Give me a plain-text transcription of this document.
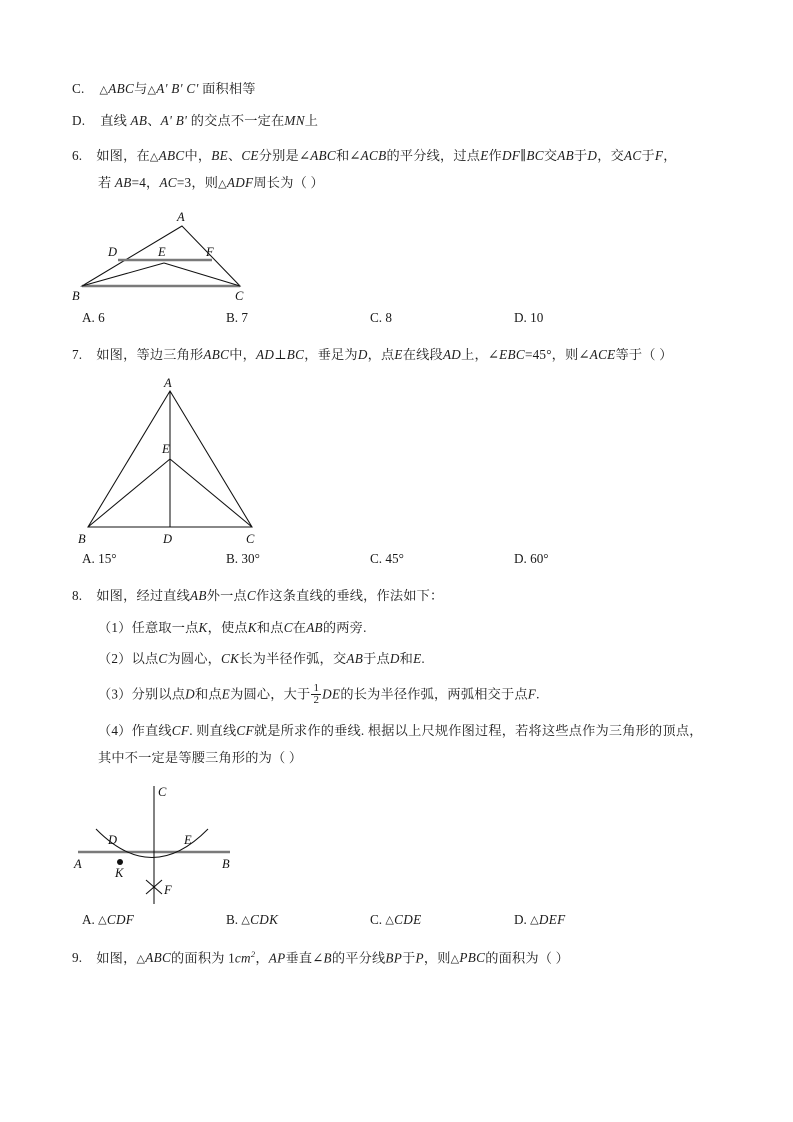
C. △ ABC与 △ A' B' C' 面积相等
D. 直线 AB、A' B' 的交点不一定在MN上
6. 如图，在 △ ABC中，BE、CE分别是∠ABC和∠ACB的平分线，过点E作DF∥BC交AB于D，交AC于F，
若 AB=4，AC=3，则 △ ADF周长为（ ）
A
D	E	F
B	C
A. 6	B. 7	C. 8	D. 10
7. 如图，等边三角形ABC中，AD⊥BC，垂足为D，点E在线段AD上，∠EBC=45°，则∠ACE等于（ ）
A
E
B	D	C
A. 15°	B. 30°	C. 45°	D. 60°
8. 如图，经过直线AB外一点C作这条直线的垂线，作法如下：
（1）任意取一点K，使点K和点C在AB的两旁.
（2）以点C为圆心，CK长为半径作弧，交AB于点D和E.
（3）分别以点D和点E为圆心，大于 $\frac{1}{2}$ DE的长为半径作弧，两弧相交于点F.
（4）作直线CF. 则直线CF就是所求作的垂线. 根据以上尺规作图过程，若将这些点作为三角形的顶点，
其中不一定是等腰三角形的为（ ）
C
D	E
A	B
K
F
A. △ CDF	B. △ CDK	C. △ CDE	D. △ DEF
9. 如图， △ ABC的面积为 $1cm^2$，AP垂直∠B的平分线BP于P，则 △ PBC的面积为（ ）
